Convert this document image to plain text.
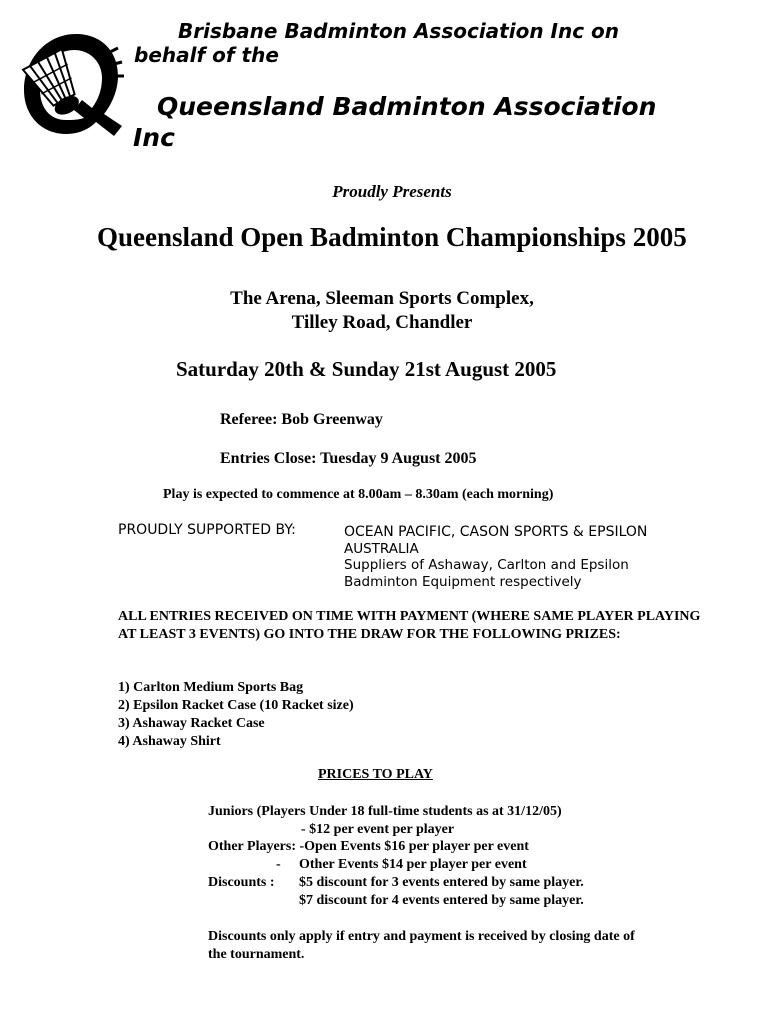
Brisbane Badminton Association Inc on
behalf of the
Queensland Badminton Association
Inc
Proudly Presents
Queensland Open Badminton Championships 2005
The Arena, Sleeman Sports Complex,
Tilley Road, Chandler
Saturday 20th & Sunday 21st August 2005
Referee: Bob Greenway
Entries Close: Tuesday 9 August 2005
Play is expected to commence at 8.00am – 8.30am (each morning)
PROUDLY SUPPORTED BY:	OCEAN PACIFIC, CASON SPORTS & EPSILON
AUSTRALIA
Suppliers of Ashaway, Carlton and Epsilon
Badminton Equipment respectively
ALL ENTRIES RECEIVED ON TIME WITH PAYMENT (WHERE SAME PLAYER PLAYING AT LEAST 3 EVENTS) GO INTO THE DRAW FOR THE FOLLOWING PRIZES:
1) Carlton Medium Sports Bag
2) Epsilon Racket Case (10 Racket size)
3) Ashaway Racket Case
4) Ashaway Shirt
PRICES TO PLAY
Juniors (Players Under 18 full-time students as at 31/12/05)
- $12 per event per player
Other Players: -Open Events $16 per player per event
- Other Events $14 per player per event
Discounts : $5 discount for 3 events entered by same player.
$7 discount for 4 events entered by same player.
Discounts only apply if entry and payment is received by closing date of
the tournament.
